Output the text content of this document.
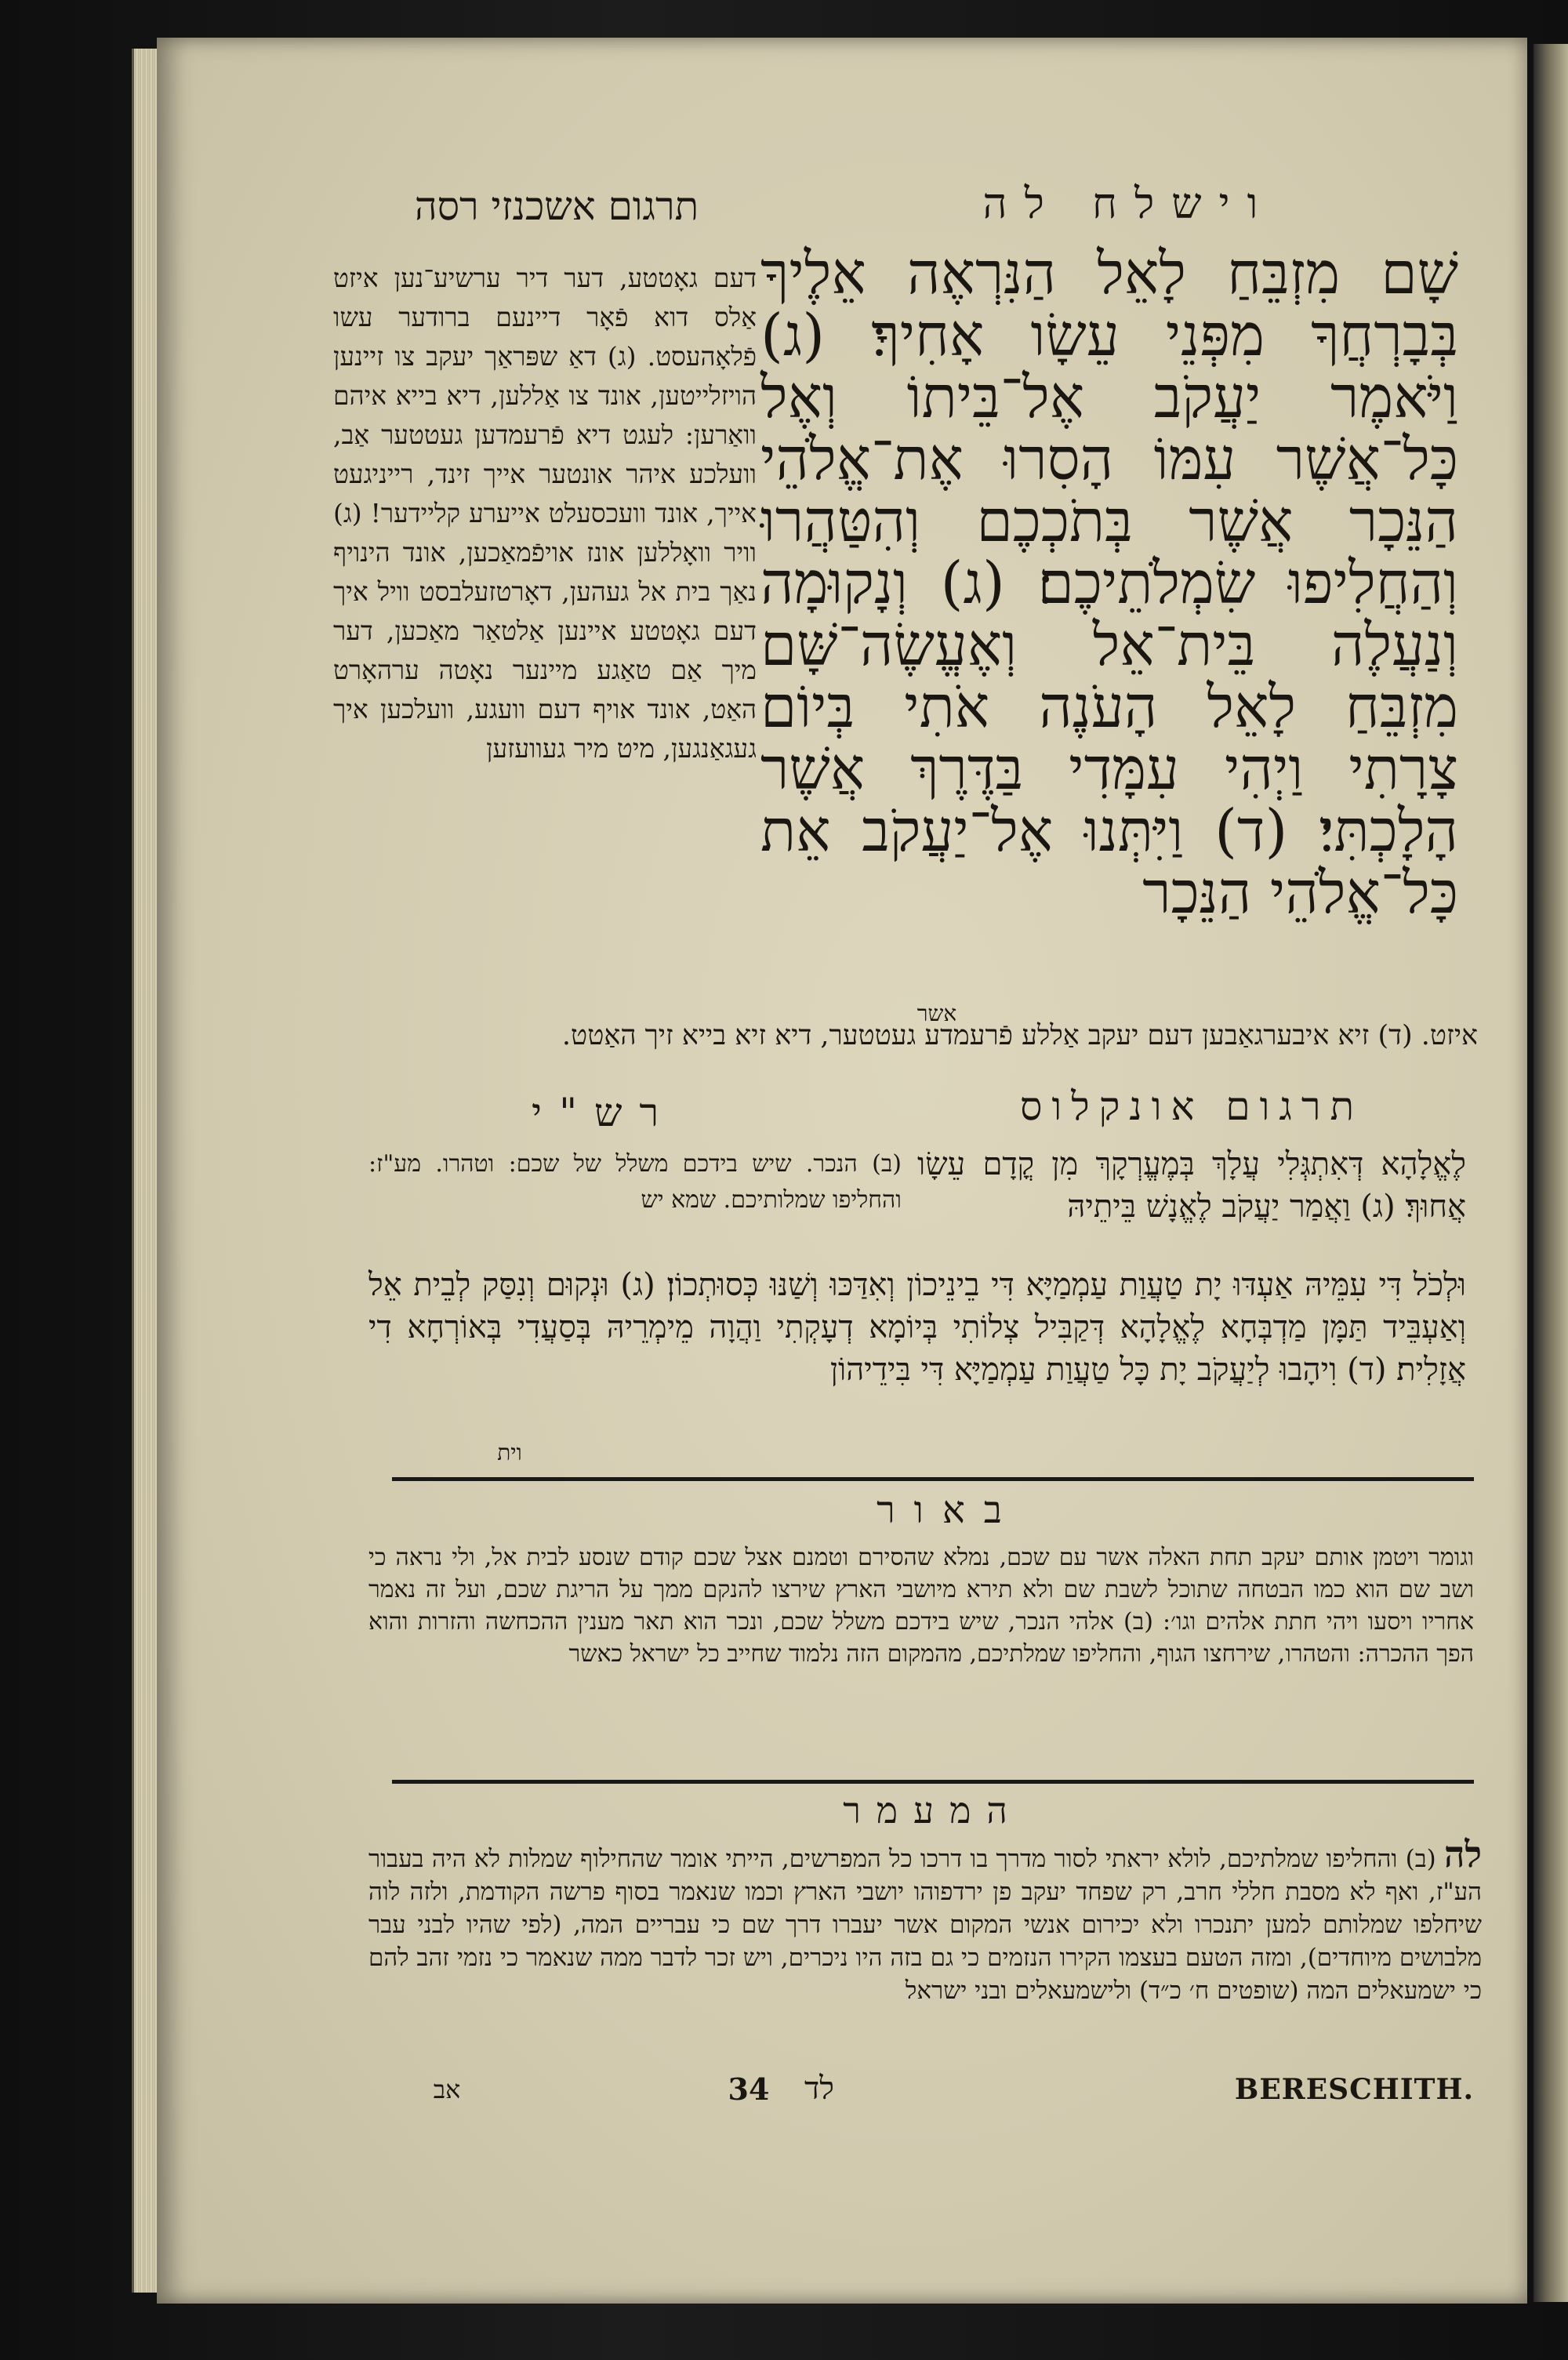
וישלח לה
תרגום אשכנזי רסה
שָׁם מִזְבֵּחַ לָאֵל הַנִּרְאֶה אֵלֶיךָ בְּבָרְחֲךָ מִפְּנֵי עֵשָׂו אָחִיךָ׃ (ג) וַיֹּאמֶר יַעֲקֹב אֶל־בֵּיתוֹ וְאֶל כָּל־אֲשֶׁר עִמּוֹ הָסִרוּ אֶת־אֱלֹהֵי הַנֵּכָר אֲשֶׁר בְּתֹכְכֶם וְהִטַּהֲרוּ וְהַחֲלִיפוּ שִׂמְלֹתֵיכֶם׃ (ג) וְנָקוּמָה וְנַעֲלֶה בֵּית־אֵל וְאֶעֱשֶׂה־שָּׁם מִזְבֵּחַ לָאֵל הָעֹנֶה אֹתִי בְּיוֹם צָרָתִי וַיְהִי עִמָּדִי בַּדֶּרֶךְ אֲשֶׁר הָלָכְתִּי׃ (ד) וַיִּתְּנוּ אֶל־יַעֲקֹב אֵת כָּל־אֱלֹהֵי הַנֵּכָר
אשר
דעם גאָטטע, דער דיר ערשיע־נען איזט אַלס דוא פֿאָר דיינעם ברודער עשו פֿלאָהעסט. (ג) דאַ שפּראַך יעקב צו זיינען הויזלייטען, אונד צו אַללען, דיא בייא איהם וואַרען: לעגט דיא פֿרעמדען געטטער אַב, וועלכע איהר אונטער אייך זינד, רייניגעט אייך, אונד וועכסעלט אייערע קליידער! (ג) וויר וואָללען אונז אויפֿמאַכען, אונד הינויף נאַך בית אל געהען, דאָרטזעלבסט וויל איך דעם גאָטטע איינען אַלטאַר מאַכען, דער מיך אַם טאַגע מיינער נאָטה ערהאָרט האַט, אונד אויף דעם וועגע, וועלכען איך געגאַנגען, מיט מיר געוועזען
איזט. (ד) זיא איבערגאַבען דעם יעקב אַללע פֿרעמדע געטטער, דיא זיא בייא זיך האַטט.
תרגום אונקלוס
רש"י
לֶאֱלָהָא דְּאִתְגְּלִי עֲלָךְ בְּמֶעֱרְקָךְ מִן קֳדָם עֵשָׂו אֲחוּךְ׃ (ג) וַאֲמַר יַעֲקֹב לֶאֱנָשׁ בֵּיתֵיהּ
(ב) הנכר. שיש בידכם משלל של שכם: וטהרו. מע"ז: והחליפו שמלותיכם. שמא יש
וּלְכֹל דִּי עִמֵּיהּ אַעְדּוּ יָת טַעֲוַת עַמְמַיָּא דִּי בֵינֵיכוֹן וְאִדַּכּוּ וְשַׁנּוּ כְּסוּתְכוֹן׃ (ג) וּנְקוּם וְנִסַּק לְבֵית אֵל וְאַעְבֵּיד תַּמָּן מַדְבְּחָא לֶאֱלָהָא דְּקַבִּיל צְלוֹתִי בְּיוֹמָא דְעָקְתִי וַהֲוָה מֵימְרֵיהּ בְּסַעֲדִי בְּאוֹרְחָא דִי אֲזָלִית׃ (ד) וִיהָבוּ לְיַעֲקֹב יָת כָּל טַעֲוַת עַמְמַיָּא דִּי בִּידֵיהוֹן
וית
באור
וגומר ויטמן אותם יעקב תחת האלה אשר עם שכם, נמלא שהסירם וטמנם אצל שכם קודם שנסע לבית אל, ולי נראה כי ושב שם הוא כמו הבטחה שתוכל לשבת שם ולא תירא מיושבי הארץ שירצו להנקם ממך על הריגת שכם, ועל זה נאמר אחריו ויסעו ויהי חתת אלהים וגו׳: (ב) אלהי הנכר, שיש בידכם משלל שכם, ונכר הוא תאר מענין ההכחשה והזרות והוא הפך ההכרה: והטהרו, שירחצו הגוף, והחליפו שמלתיכם, מהמקום הזה נלמוד שחייב כל ישראל כאשר
המעמר
לה (ב) והחליפו שמלתיכם, לולא יראתי לסור מדרך בו דרכו כל המפרשים, הייתי אומר שהחילוף שמלות לא היה בעבור הע"ז, ואף לא מסבת חללי חרב, רק שפחד יעקב פן ירדפוהו יושבי הארץ וכמו שנאמר בסוף פרשה הקודמת, ולזה לוה שיחלפו שמלותם למען יתנכרו ולא יכירום אנשי המקום אשר יעברו דרך שם כי עבריים המה, (לפי שהיו לבני עבר מלבושים מיוחדים), ומזה הטעם בעצמו הקירו הנזמים כי גם בזה היו ניכרים, ויש זכר לדבר ממה שנאמר כי נזמי זהב להם כי ישמעאלים המה (שופטים ח׳ כ״ד) ולישמעאלים ובני ישראל
אב	34	לד	BERESCHITH.
